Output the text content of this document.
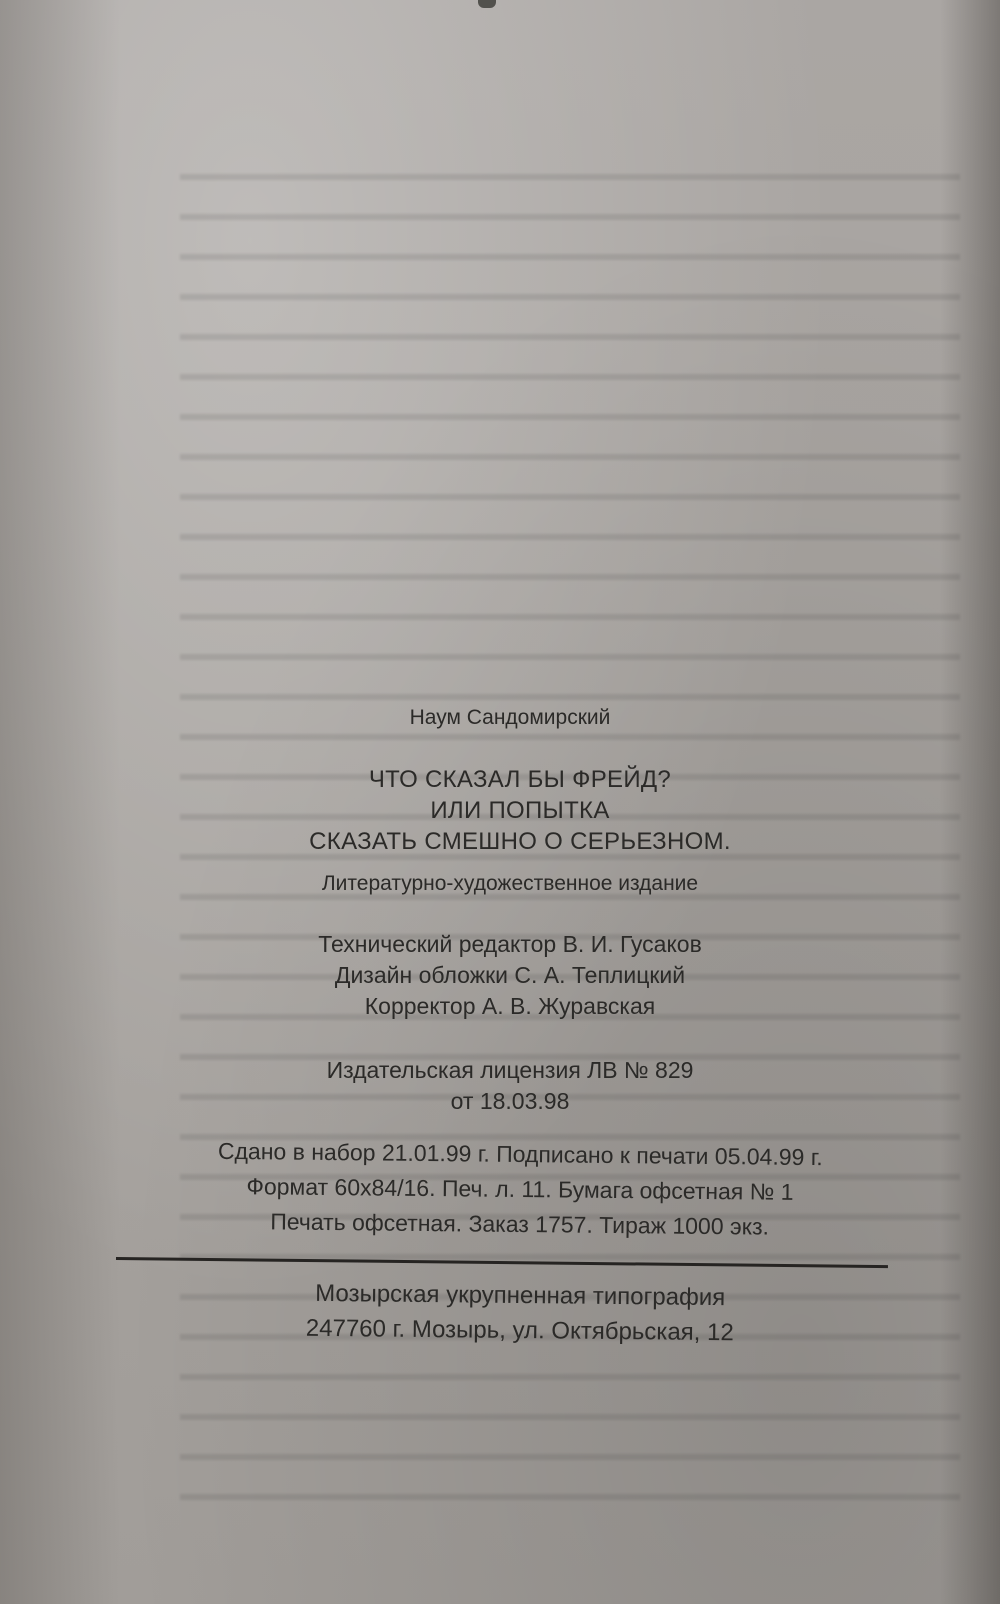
Наум Сандомирский
ЧТО СКАЗАЛ БЫ ФРЕЙД?
ИЛИ ПОПЫТКА
СКАЗАТЬ СМЕШНО О СЕРЬЕЗНОМ.
Литературно-художественное издание
Технический редактор В. И. Гусаков
Дизайн обложки С. А. Теплицкий
Корректор А. В. Журавская
Издательская лицензия ЛВ № 829
от 18.03.98
Сдано в набор 21.01.99 г. Подписано к печати 05.04.99 г.
Формат 60x84/16. Печ. л. 11. Бумага офсетная № 1
Печать офсетная. Заказ 1757. Тираж 1000 экз.
Мозырская укрупненная типография
247760 г. Мозырь, ул. Октябрьская, 12
